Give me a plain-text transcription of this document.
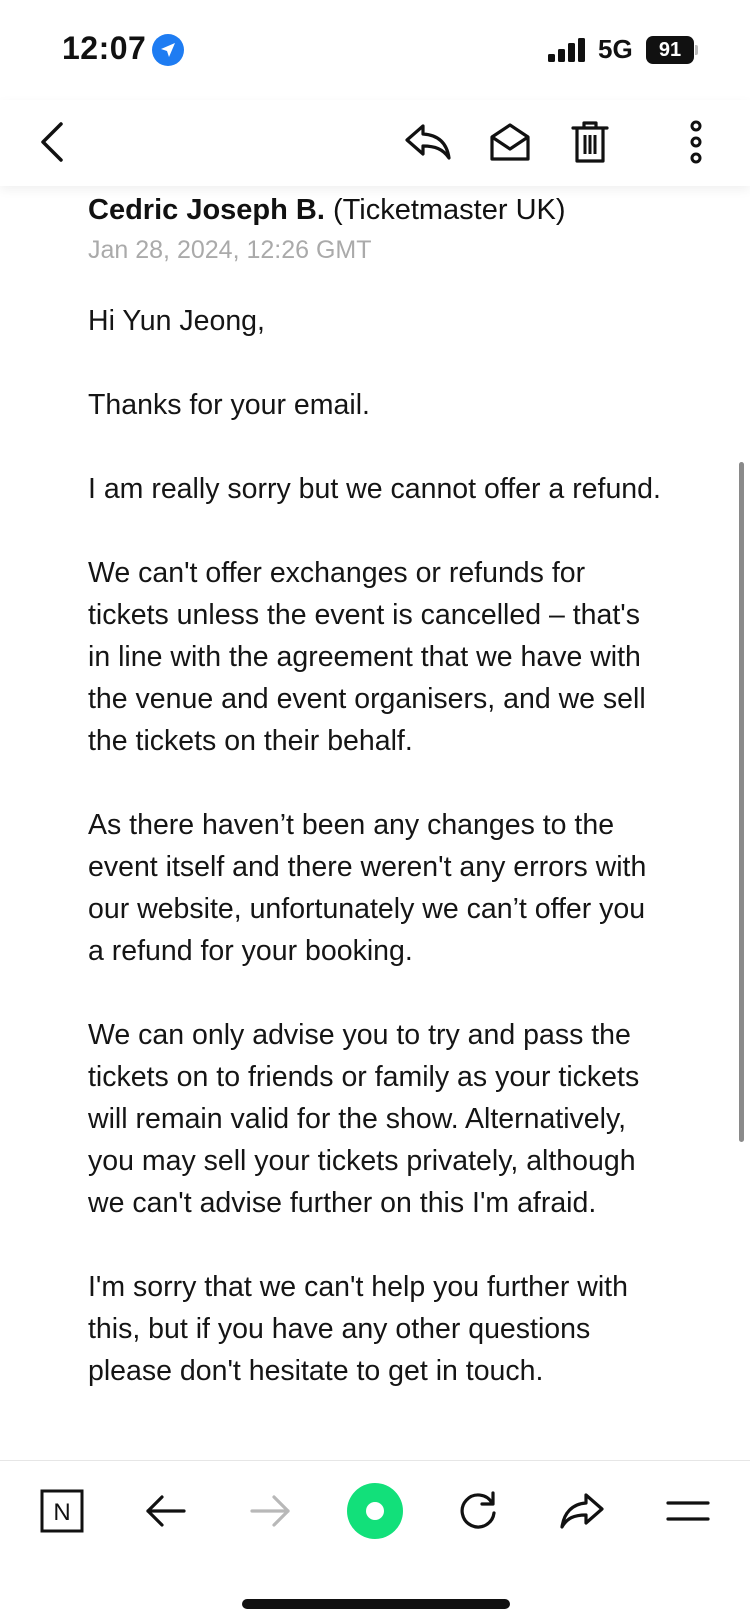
12:07	5G	91
Cedric Joseph B. (Ticketmaster UK)
Jan 28, 2024, 12:26 GMT

Hi Yun Jeong,

Thanks for your email.

I am really sorry but we cannot offer a refund.

We can't offer exchanges or refunds for tickets unless the event is cancelled – that's in line with the agreement that we have with the venue and event organisers, and we sell the tickets on their behalf.

As there haven’t been any changes to the event itself and there weren't any errors with our website, unfortunately we can’t offer you a refund for your booking.

We can only advise you to try and pass the tickets on to friends or family as your tickets will remain valid for the show. Alternatively, you may sell your tickets privately, although we can't advise further on this I'm afraid.

I'm sorry that we can't help you further with this, but if you have any other questions please don't hesitate to get in touch.

N
